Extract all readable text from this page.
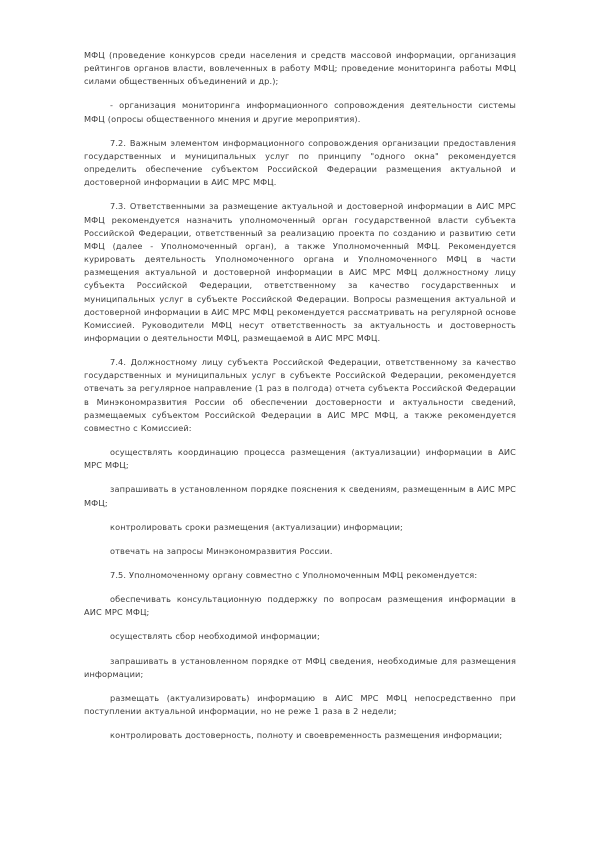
МФЦ (проведение конкурсов среди населения и средств массовой информации, организация рейтингов органов власти, вовлеченных в работу МФЦ; проведение мониторинга работы МФЦ силами общественных объединений и др.);

- организация мониторинга информационного сопровождения деятельности системы МФЦ (опросы общественного мнения и другие мероприятия).

7.2. Важным элементом информационного сопровождения организации предоставления государственных и муниципальных услуг по принципу "одного окна" рекомендуется определить обеспечение субъектом Российской Федерации размещения актуальной и достоверной информации в АИС МРС МФЦ.

7.3. Ответственными за размещение актуальной и достоверной информации в АИС МРС МФЦ рекомендуется назначить уполномоченный орган государственной власти субъекта Российской Федерации, ответственный за реализацию проекта по созданию и развитию сети МФЦ (далее - Уполномоченный орган), а также Уполномоченный МФЦ. Рекомендуется курировать деятельность Уполномоченного органа и Уполномоченного МФЦ в части размещения актуальной и достоверной информации в АИС МРС МФЦ должностному лицу субъекта Российской Федерации, ответственному за качество государственных и муниципальных услуг в субъекте Российской Федерации. Вопросы размещения актуальной и достоверной информации в АИС МРС МФЦ рекомендуется рассматривать на регулярной основе Комиссией. Руководители МФЦ несут ответственность за актуальность и достоверность информации о деятельности МФЦ, размещаемой в АИС МРС МФЦ.

7.4. Должностному лицу субъекта Российской Федерации, ответственному за качество государственных и муниципальных услуг в субъекте Российской Федерации, рекомендуется отвечать за регулярное направление (1 раз в полгода) отчета субъекта Российской Федерации в Минэкономразвития России об обеспечении достоверности и актуальности сведений, размещаемых субъектом Российской Федерации в АИС МРС МФЦ, а также рекомендуется совместно с Комиссией:

осуществлять координацию процесса размещения (актуализации) информации в АИС МРС МФЦ;

запрашивать в установленном порядке пояснения к сведениям, размещенным в АИС МРС МФЦ;

контролировать сроки размещения (актуализации) информации;

отвечать на запросы Минэкономразвития России.

7.5. Уполномоченному органу совместно с Уполномоченным МФЦ рекомендуется:

обеспечивать консультационную поддержку по вопросам размещения информации в АИС МРС МФЦ;

осуществлять сбор необходимой информации;

запрашивать в установленном порядке от МФЦ сведения, необходимые для размещения информации;

размещать (актуализировать) информацию в АИС МРС МФЦ непосредственно при поступлении актуальной информации, но не реже 1 раза в 2 недели;

контролировать достоверность, полноту и своевременность размещения информации;
